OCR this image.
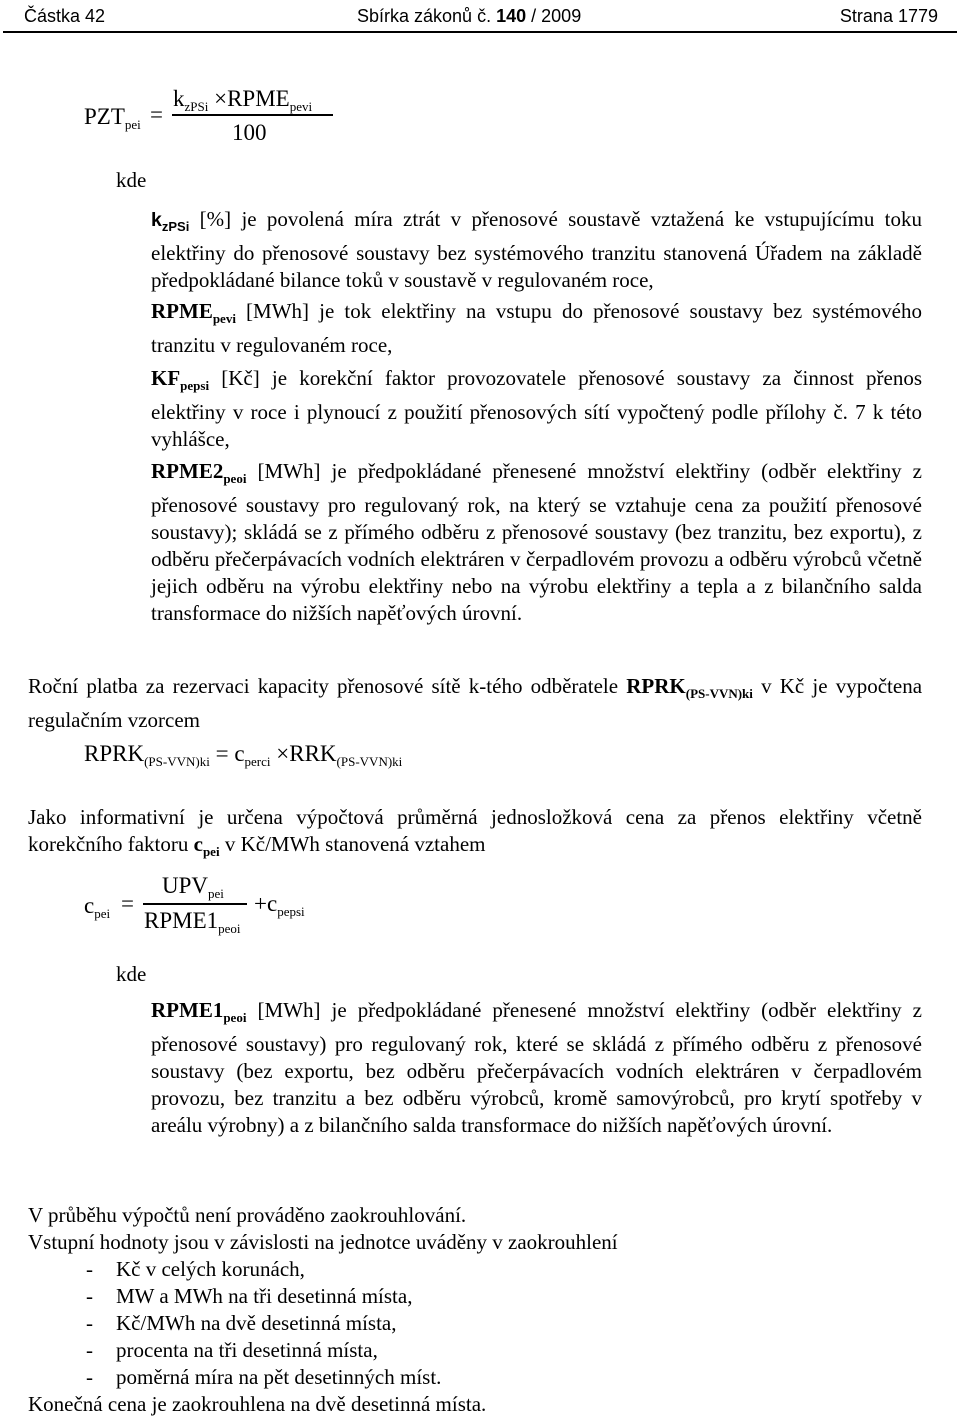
Částka 42	Sbírka zákonů č. 140 / 2009	Strana 1779
$PZT_{pei}$ =
$k_{zPSi}$ $\times RPME_{pevi}$
100
kde
$k_{zPSi}$ [%] je povolená míra ztrát v přenosové soustavě vztažená ke vstupujícímu toku elektřiny do přenosové soustavy bez systémového tranzitu stanovená Úřadem na základě předpokládané bilance toků v soustavě v regulovaném roce,
$RPME_{pevi}$ [MWh] je tok elektřiny na vstupu do přenosové soustavy bez systémového tranzitu v regulovaném roce,
$KF_{pepsi}$ [Kč] je korekční faktor provozovatele přenosové soustavy za činnost přenos elektřiny v roce i plynoucí z použití přenosových sítí vypočtený podle přílohy č. 7 k této vyhlášce,
$RPME2_{peoi}$ [MWh] je předpokládané přenesené množství elektřiny (odběr elektřiny z přenosové soustavy pro regulovaný rok, na který se vztahuje cena za použití přenosové soustavy); skládá se z přímého odběru z přenosové soustavy (bez tranzitu, bez exportu), z odběru přečerpávacích vodních elektráren v čerpadlovém provozu a odběru výrobců včetně jejich odběru na výrobu elektřiny nebo na výrobu elektřiny a tepla a z bilančního salda transformace do nižších napěťových úrovní.
Roční platba za rezervaci kapacity přenosové sítě k-tého odběratele $RPRK_{(PS-VVN)ki}$ v Kč je vypočtena regulačním vzorcem
$RPRK_{(PS-VVN)ki} = c_{perci} \times RRK_{(PS-VVN)ki}$
Jako informativní je určena výpočtová průměrná jednosložková cena za přenos elektřiny včetně korekčního faktoru $c_{pei}$ v Kč/MWh stanovená vztahem
$c_{pei}$ =
$UPV_{pei}$
$RPME1_{peoi}$
$+c_{pepsi}$
kde
$RPME1_{peoi}$ [MWh] je předpokládané přenesené množství elektřiny (odběr elektřiny z přenosové soustavy) pro regulovaný rok, které se skládá z přímého odběru z přenosové soustavy (bez exportu, bez odběru přečerpávacích vodních elektráren v čerpadlovém provozu, bez tranzitu a bez odběru výrobců, kromě samovýrobců, pro krytí spotřeby v areálu výrobny) a z bilančního salda transformace do nižších napěťových úrovní.
V průběhu výpočtů není prováděno zaokrouhlování.
Vstupní hodnoty jsou v závislosti na jednotce uváděny v zaokrouhlení
- Kč v celých korunách,
- MW a MWh na tři desetinná místa,
- Kč/MWh na dvě desetinná místa,
- procenta na tři desetinná místa,
- poměrná míra na pět desetinných míst.
Konečná cena je zaokrouhlena na dvě desetinná místa.
